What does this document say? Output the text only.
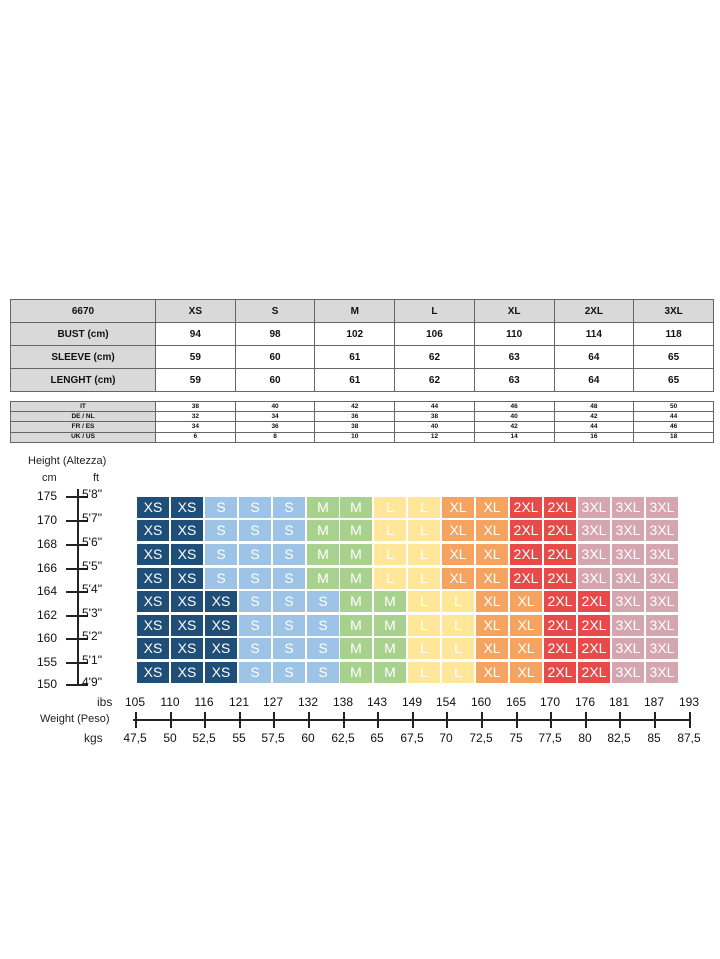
6670	XS	S	M	L	XL	2XL	3XL
BUST (cm)	94	98	102	106	110	114	118
SLEEVE (cm)	59	60	61	62	63	64	65
LENGHT (cm)	59	60	61	62	63	64	65
IT	38	40	42	44	46	48	50
DE / NL	32	34	36	38	40	42	44
FR / ES	34	36	38	40	42	44	46
UK / US	6	8	10	12	14	16	18
Height (Altezza)
cm	ft
175 5'8''
170 5'7''
168 5'6''
166 5'5''
164 5'4''
162 5'3''
160 5'2''
155 5'1''
150 4'9''
XS	XS	S	S	S	M	M	L	L	XL	XL 2XL 2XL 3XL 3XL 3XL
XS	XS	S	S	S	M	M	L	L	XL	XL 2XL 2XL 3XL 3XL 3XL
XS	XS	S	S	S	M	M	L	L	XL	XL 2XL 2XL 3XL 3XL 3XL
XS	XS	S	S	S	M	M	L	L	XL	XL 2XL 2XL 3XL 3XL 3XL
XS	XS	XS	S	S	S	M	M	L	L	XL	XL 2XL 2XL 3XL 3XL
XS	XS	XS	S	S	S	M	M	L	L	XL	XL 2XL 2XL 3XL 3XL
XS	XS	XS	S	S	S	M	M	L	L	XL	XL 2XL 2XL 3XL 3XL
XS	XS	XS	S	S	S	M	M	L	L	XL	XL 2XL 2XL 3XL 3XL
ibs
Weight (Peso)
kgs
105
47,5
110
50
116
52,5
121
55
127
57,5
132
60
138
62,5
143
65
149
67,5
154
70
160
72,5
165
75
170
77,5
176
80
181
82,5
187
85
193
87,5
